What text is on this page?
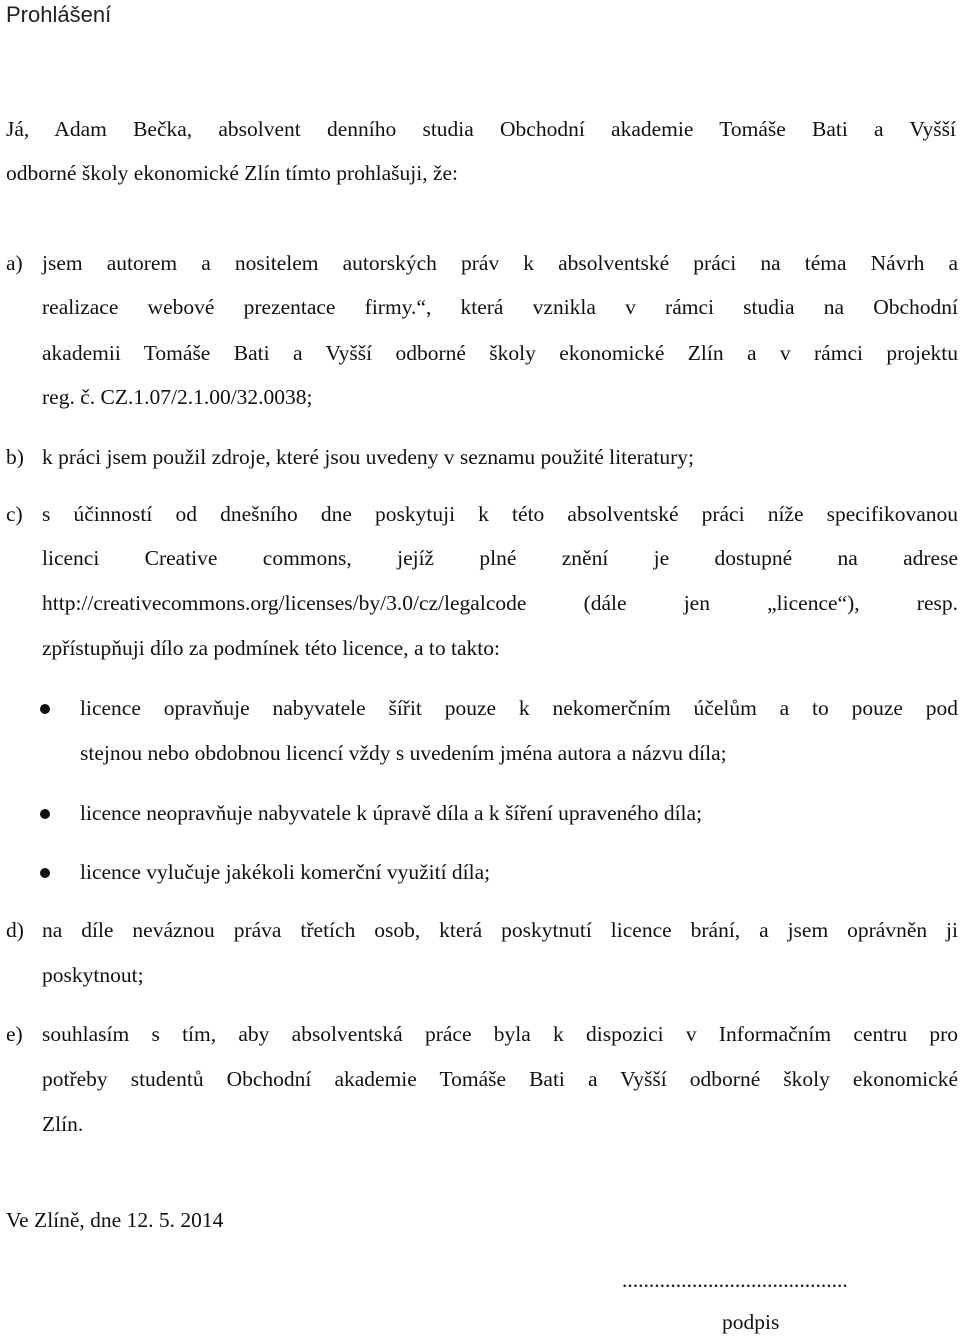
Prohlášení
Já, Adam Bečka, absolvent denního studia Obchodní akademie Tomáše Bati a Vyšší
odborné školy ekonomické Zlín tímto prohlašuji, že:
a) jsem autorem a nositelem autorských práv k absolventské práci na téma Návrh a
realizace webové prezentace firmy.“, která vznikla v rámci studia na Obchodní
akademii Tomáše Bati a Vyšší odborné školy ekonomické Zlín a v rámci projektu
reg. č. CZ.1.07/2.1.00/32.0038;
b) k práci jsem použil zdroje, které jsou uvedeny v seznamu použité literatury;
c) s účinností od dnešního dne poskytuji k této absolventské práci níže specifikovanou
licenci Creative commons, jejíž plné znění je dostupné na adrese
http://creativecommons.org/licenses/by/3.0/cz/legalcode (dále jen „licence“), resp.
zpřístupňuji dílo za podmínek této licence, a to takto:
licence opravňuje nabyvatele šířit pouze k nekomerčním účelům a to pouze pod
stejnou nebo obdobnou licencí vždy s uvedením jména autora a názvu díla;
licence neopravňuje nabyvatele k úpravě díla a k šíření upraveného díla;
licence vylučuje jakékoli komerční využití díla;
d) na díle neváznou práva třetích osob, která poskytnutí licence brání, a jsem oprávněn ji
poskytnout;
e) souhlasím s tím, aby absolventská práce byla k dispozici v Informačním centru pro
potřeby studentů Obchodní akademie Tomáše Bati a Vyšší odborné školy ekonomické
Zlín.
Ve Zlíně, dne 12. 5. 2014
..........................................
podpis
